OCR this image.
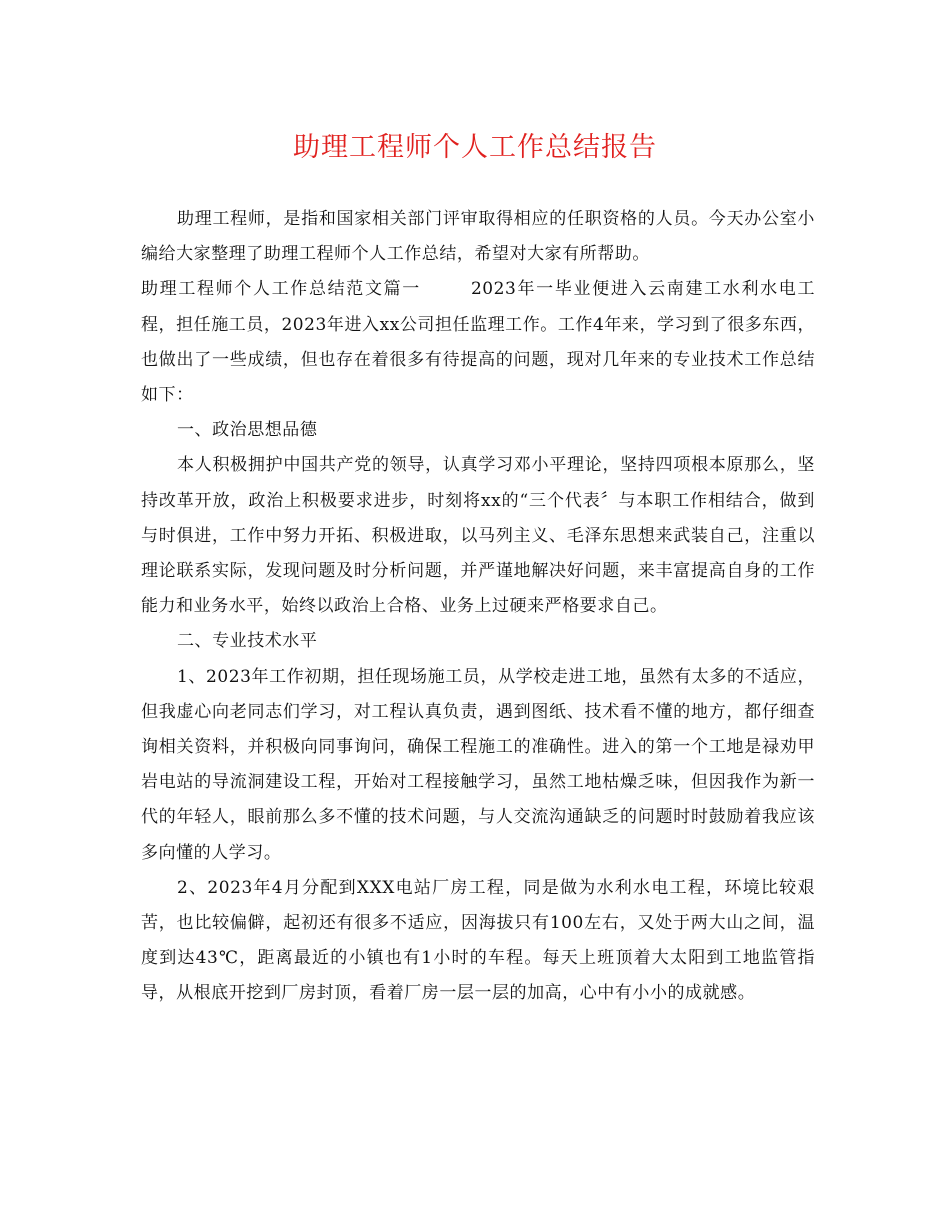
助理工程师个人工作总结报告

助理工程师，是指和国家相关部门评审取得相应的任职资格的人员。今天办公室小编给大家整理了助理工程师个人工作总结，希望对大家有所帮助。

助理工程师个人工作总结范文篇一	2023年一毕业便进入云南建工水利水电工程，担任施工员，2023年进入xx公司担任监理工作。工作4年来，学习到了很多东西，也做出了一些成绩，但也存在着很多有待提高的问题，现对几年来的专业技术工作总结如下：

一、政治思想品德

本人积极拥护中国共产党的领导，认真学习邓小平理论，坚持四项根本原那么，坚持改革开放，政治上积极要求进步，时刻将xx的“三个代表〞与本职工作相结合，做到与时俱进，工作中努力开拓、积极进取，以马列主义、毛泽东思想来武装自己，注重以理论联系实际，发现问题及时分析问题，并严谨地解决好问题，来丰富提高自身的工作能力和业务水平，始终以政治上合格、业务上过硬来严格要求自己。

二、专业技术水平

1、2023年工作初期，担任现场施工员，从学校走进工地，虽然有太多的不适应，但我虚心向老同志们学习，对工程认真负责，遇到图纸、技术看不懂的地方，都仔细查询相关资料，并积极向同事询问，确保工程施工的准确性。进入的第一个工地是禄劝甲岩电站的导流洞建设工程，开始对工程接触学习，虽然工地枯燥乏味，但因我作为新一代的年轻人，眼前那么多不懂的技术问题，与人交流沟通缺乏的问题时时鼓励着我应该多向懂的人学习。

2、2023年4月分配到XXX电站厂房工程，同是做为水利水电工程，环境比较艰苦，也比较偏僻，起初还有很多不适应，因海拔只有100左右，又处于两大山之间，温度到达43℃，距离最近的小镇也有1小时的车程。每天上班顶着大太阳到工地监管指导，从根底开挖到厂房封顶，看着厂房一层一层的加高，心中有小小的成就感。
